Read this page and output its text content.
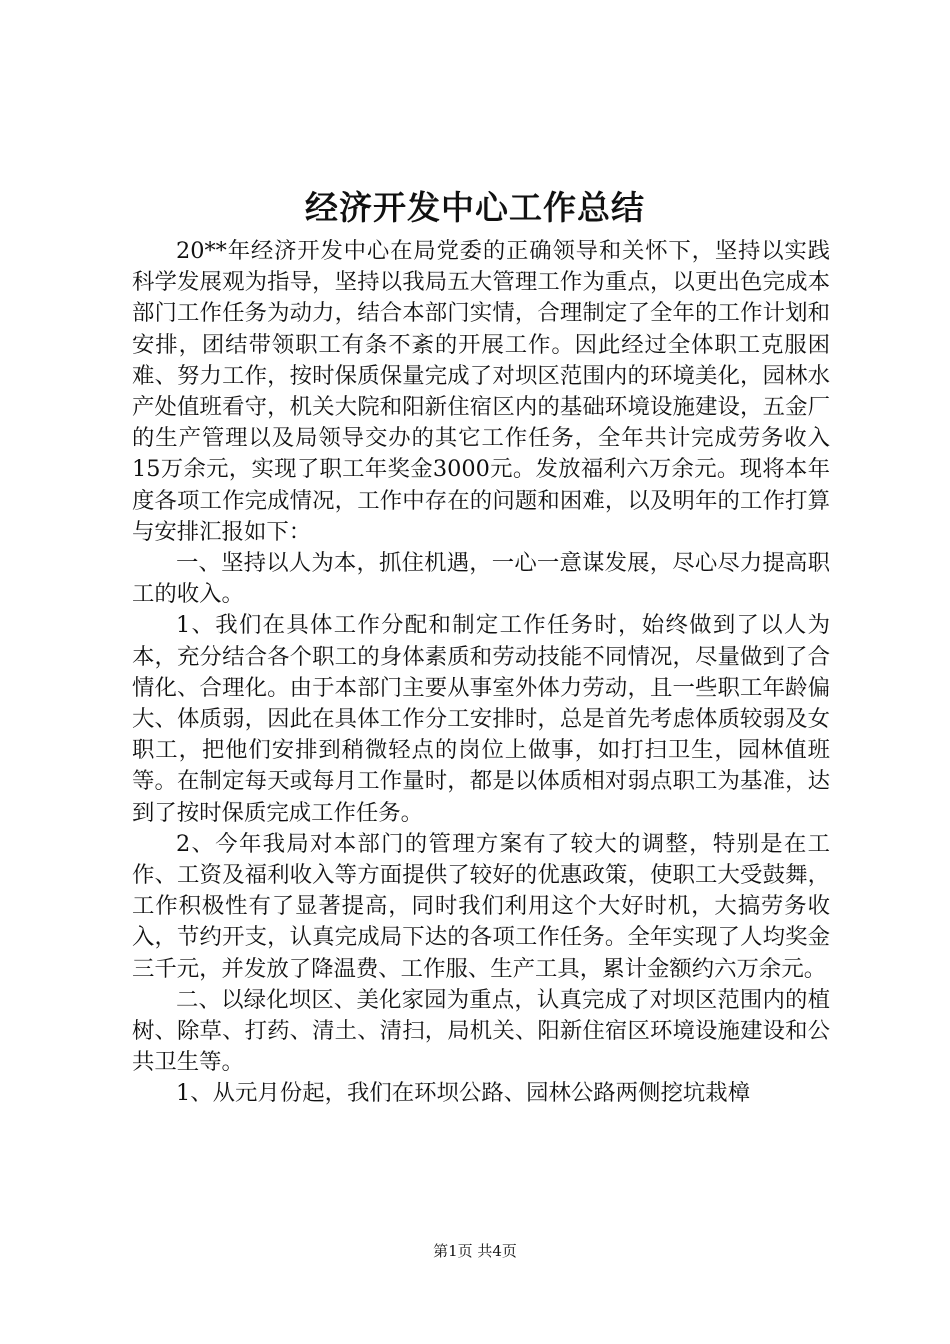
经济开发中心工作总结

20**年经济开发中心在局党委的正确领导和关怀下，坚持以实践科学发展观为指导，坚持以我局五大管理工作为重点，以更出色完成本部门工作任务为动力，结合本部门实情，合理制定了全年的工作计划和安排，团结带领职工有条不紊的开展工作。因此经过全体职工克服困难、努力工作，按时保质保量完成了对坝区范围内的环境美化，园林水产处值班看守，机关大院和阳新住宿区内的基础环境设施建设，五金厂的生产管理以及局领导交办的其它工作任务，全年共计完成劳务收入15万余元，实现了职工年奖金3000元。发放福利六万余元。现将本年度各项工作完成情况，工作中存在的问题和困难，以及明年的工作打算与安排汇报如下：

一、坚持以人为本，抓住机遇，一心一意谋发展，尽心尽力提高职工的收入。

1、我们在具体工作分配和制定工作任务时，始终做到了以人为本，充分结合各个职工的身体素质和劳动技能不同情况，尽量做到了合情化、合理化。由于本部门主要从事室外体力劳动，且一些职工年龄偏大、体质弱，因此在具体工作分工安排时，总是首先考虑体质较弱及女职工，把他们安排到稍微轻点的岗位上做事，如打扫卫生，园林值班等。在制定每天或每月工作量时，都是以体质相对弱点职工为基准，达到了按时保质完成工作任务。

2、今年我局对本部门的管理方案有了较大的调整，特别是在工作、工资及福利收入等方面提供了较好的优惠政策，使职工大受鼓舞，工作积极性有了显著提高，同时我们利用这个大好时机，大搞劳务收入，节约开支，认真完成局下达的各项工作任务。全年实现了人均奖金三千元，并发放了降温费、工作服、生产工具，累计金额约六万余元。

二、以绿化坝区、美化家园为重点，认真完成了对坝区范围内的植树、除草、打药、清土、清扫，局机关、阳新住宿区环境设施建设和公共卫生等。

1、从元月份起，我们在环坝公路、园林公路两侧挖坑栽樟

第1页 共4页
